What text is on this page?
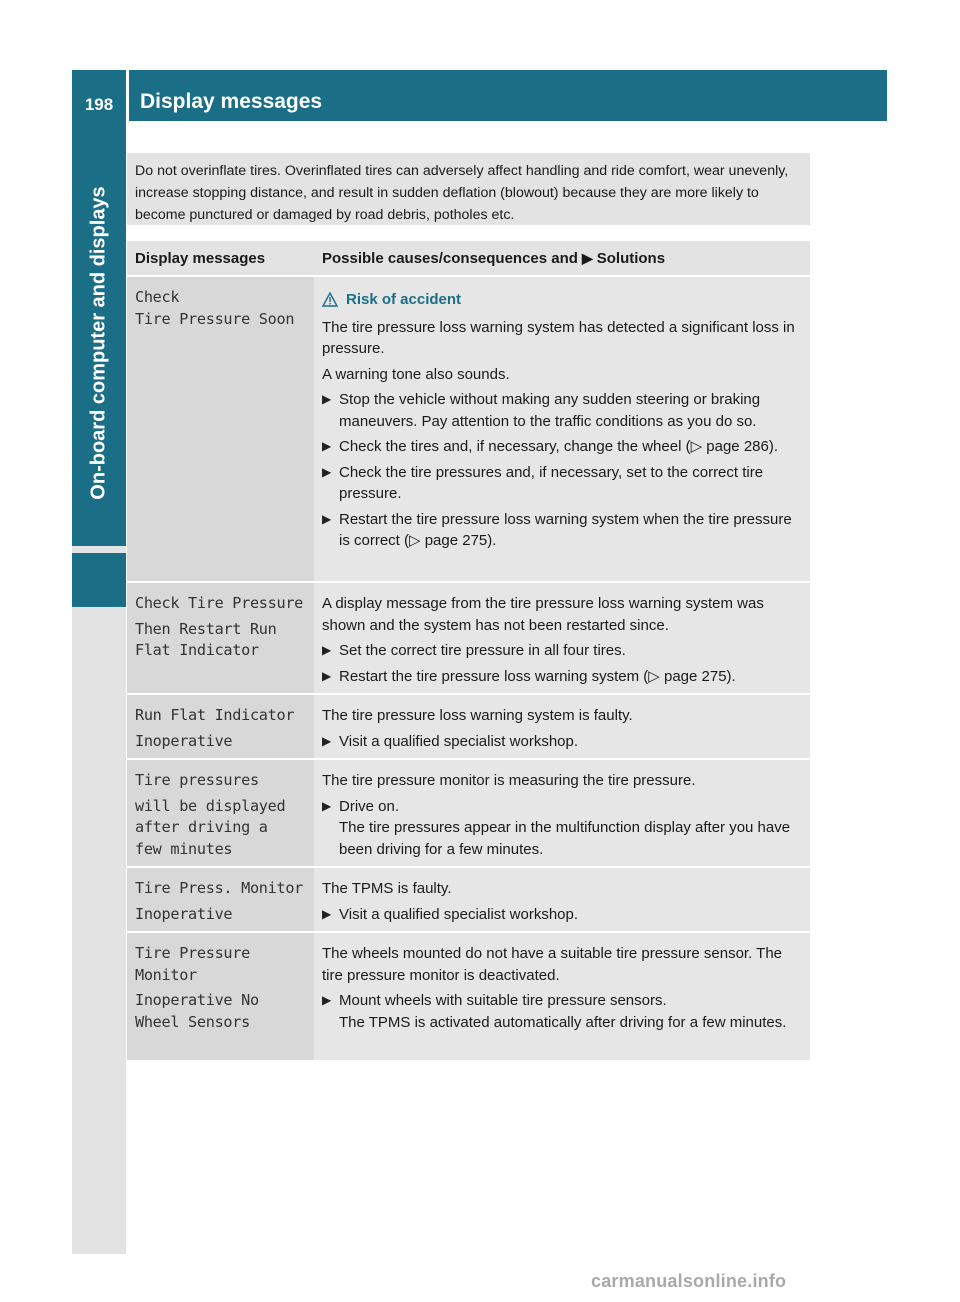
198	Display messages
On-board computer and displays
Do not overinflate tires. Overinflated tires can adversely affect handling and ride comfort, wear unevenly, increase stopping distance, and result in sudden deflation (blowout) because they are more likely to become punctured or damaged by road debris, potholes etc.
Display messages	Possible causes/consequences and ▶ Solutions
Check
Tire Pressure Soon
Risk of accident

The tire pressure loss warning system has detected a significant loss in pressure.

A warning tone also sounds.

▶ Stop the vehicle without making any sudden steering or braking maneuvers. Pay attention to the traffic conditions as you do so.
▶ Check the tires and, if necessary, change the wheel (▷ page 286).
▶ Check the tire pressures and, if necessary, set to the correct tire pressure.
▶ Restart the tire pressure loss warning system when the tire pressure is correct (▷ page 275).
Check Tire Pressure
Then Restart Run
Flat Indicator

A display message from the tire pressure loss warning system was shown and the system has not been restarted since.

▶ Set the correct tire pressure in all four tires.
▶ Restart the tire pressure loss warning system (▷ page 275).
Run Flat Indicator
Inoperative

The tire pressure loss warning system is faulty.

▶ Visit a qualified specialist workshop.
Tire pressures
will be displayed
after driving a
few minutes

The tire pressure monitor is measuring the tire pressure.

▶ Drive on.
The tire pressures appear in the multifunction display after you have been driving for a few minutes.
Tire Press. Monitor
Inoperative

The TPMS is faulty.

▶ Visit a qualified specialist workshop.
Tire Pressure
Monitor
Inoperative No
Wheel Sensors

The wheels mounted do not have a suitable tire pressure sensor. The tire pressure monitor is deactivated.

▶ Mount wheels with suitable tire pressure sensors.
The TPMS is activated automatically after driving for a few minutes.
carmanualsonline.info
